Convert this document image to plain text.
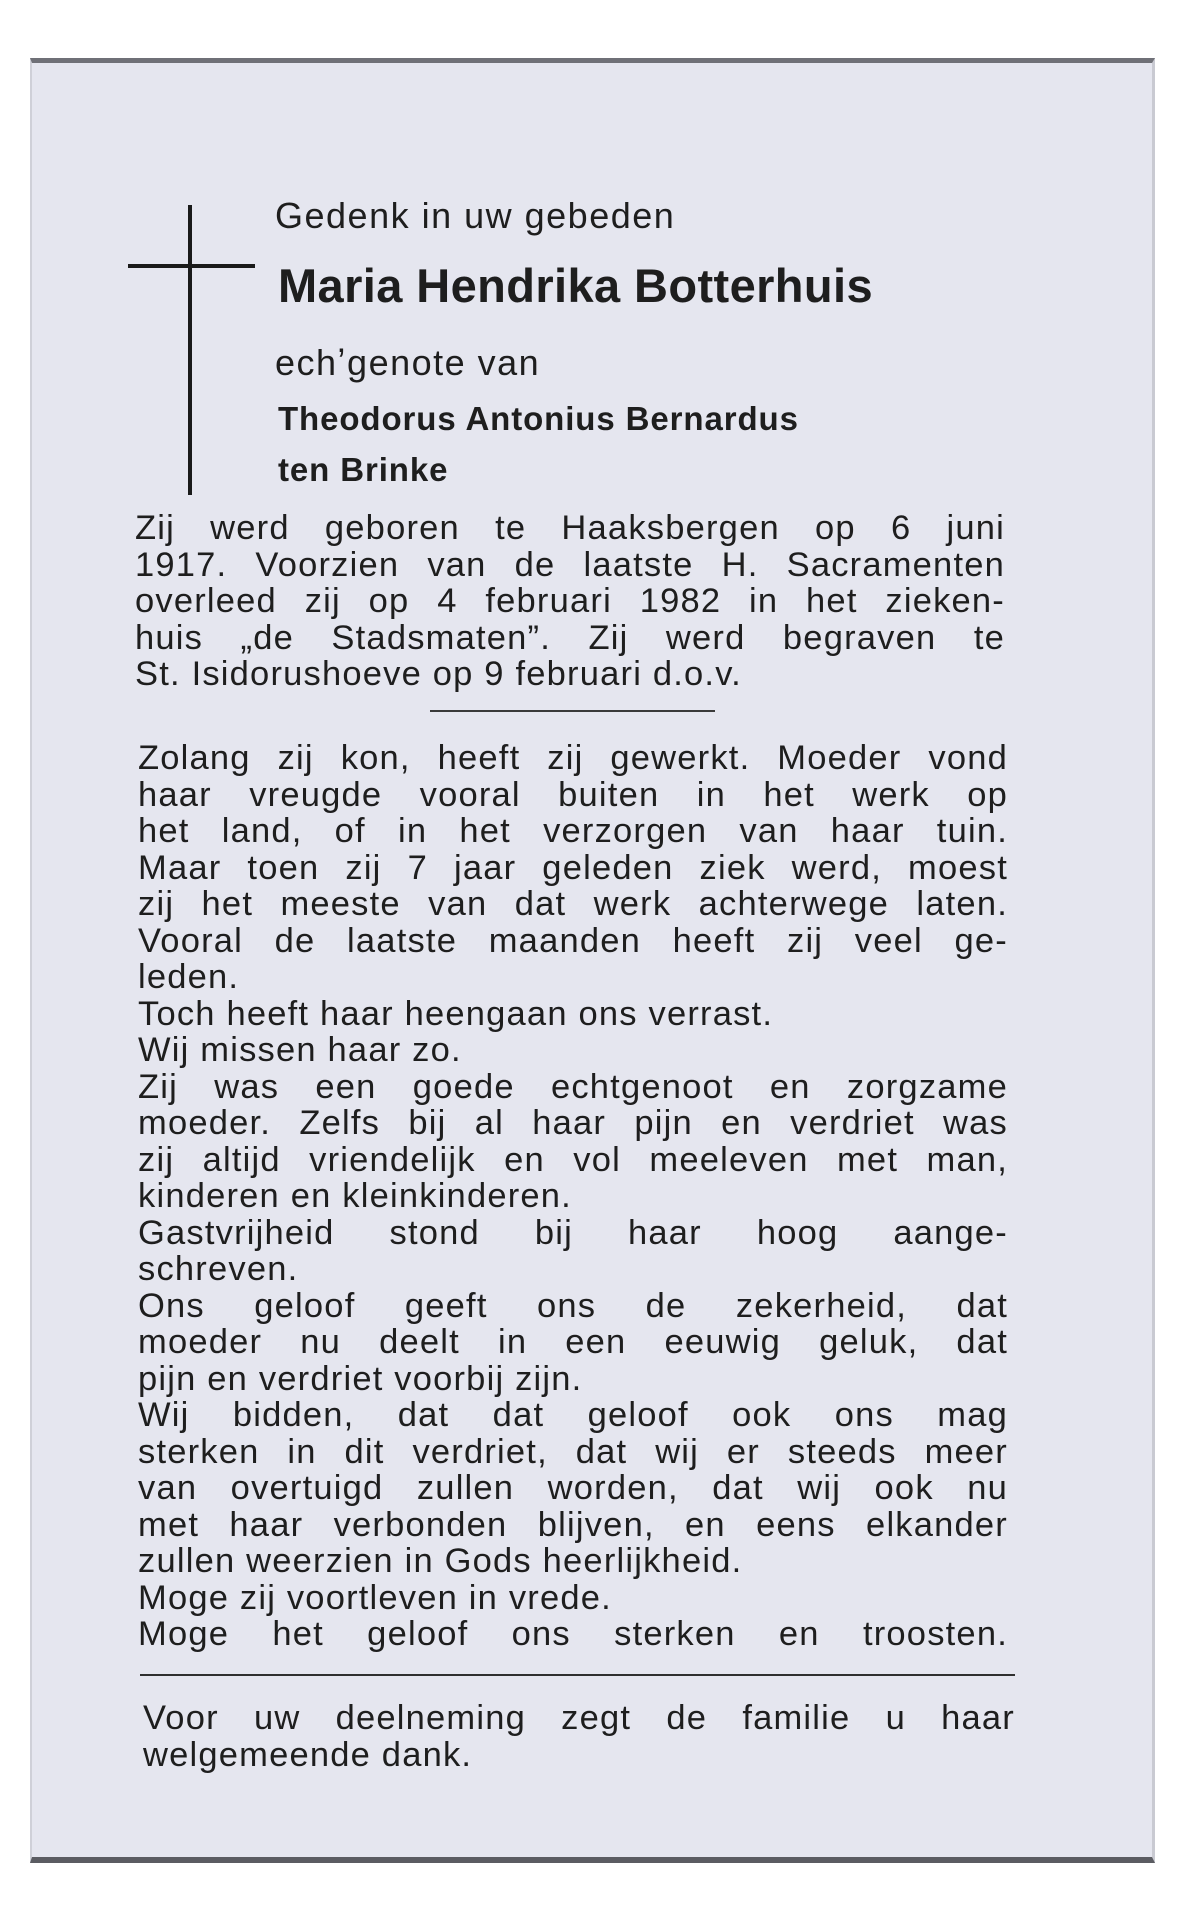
Gedenk in uw gebeden
Maria Hendrika Botterhuis
echʼgenote van
Theodorus Antonius Bernardus
ten Brinke
Zij werd geboren te Haaksbergen op 6 juni
1917. Voorzien van de laatste H. Sacramenten
overleed zij op 4 februari 1982 in het zieken-
huis „de Stadsmaten”. Zij werd begraven te
St. Isidorushoeve op 9 februari d.o.v.
Zolang zij kon, heeft zij gewerkt. Moeder vond
haar vreugde vooral buiten in het werk op
het land, of in het verzorgen van haar tuin.
Maar toen zij 7 jaar geleden ziek werd, moest
zij het meeste van dat werk achterwege laten.
Vooral de laatste maanden heeft zij veel ge-
leden.
Toch heeft haar heengaan ons verrast.
Wij missen haar zo.
Zij was een goede echtgenoot en zorgzame
moeder. Zelfs bij al haar pijn en verdriet was
zij altijd vriendelijk en vol meeleven met man,
kinderen en kleinkinderen.
Gastvrijheid stond bij haar hoog aange-
schreven.
Ons geloof geeft ons de zekerheid, dat
moeder nu deelt in een eeuwig geluk, dat
pijn en verdriet voorbij zijn.
Wij bidden, dat dat geloof ook ons mag
sterken in dit verdriet, dat wij er steeds meer
van overtuigd zullen worden, dat wij ook nu
met haar verbonden blijven, en eens elkander
zullen weerzien in Gods heerlijkheid.
Moge zij voortleven in vrede.
Moge het geloof ons sterken en troosten.
Voor uw deelneming zegt de familie u haar
welgemeende dank.
